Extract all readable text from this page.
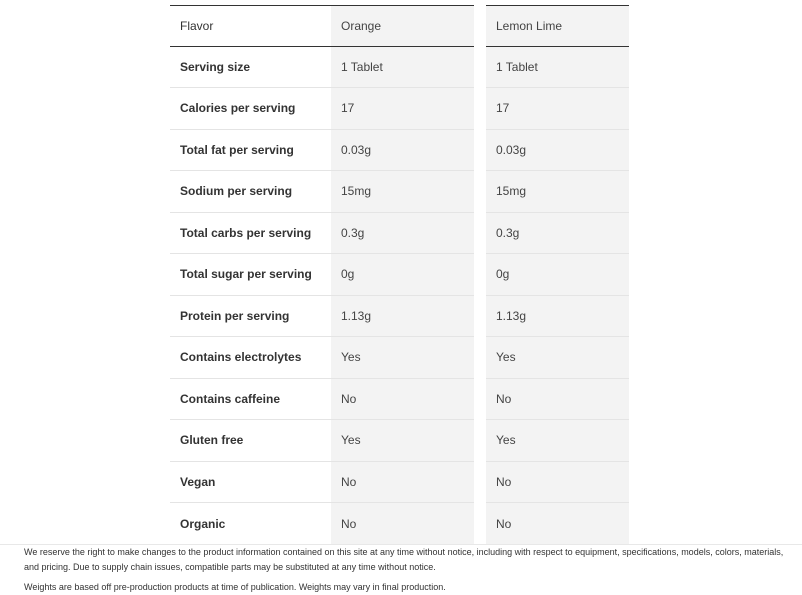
Flavor	Orange	Lemon Lime
Serving size	1 Tablet	1 Tablet
Calories per serving	17	17
Total fat per serving	0.03g	0.03g
Sodium per serving	15mg	15mg
Total carbs per serving	0.3g	0.3g
Total sugar per serving	0g	0g
Protein per serving	1.13g	1.13g
Contains electrolytes	Yes	Yes
Contains caffeine	No	No
Gluten free	Yes	Yes
Vegan	No	No
Organic	No	No
We reserve the right to make changes to the product information contained on this site at any time without notice, including with respect to equipment, specifications, models, colors, materials, and pricing. Due to supply chain issues, compatible parts may be substituted at any time without notice.
Weights are based off pre-production products at time of publication. Weights may vary in final production.
